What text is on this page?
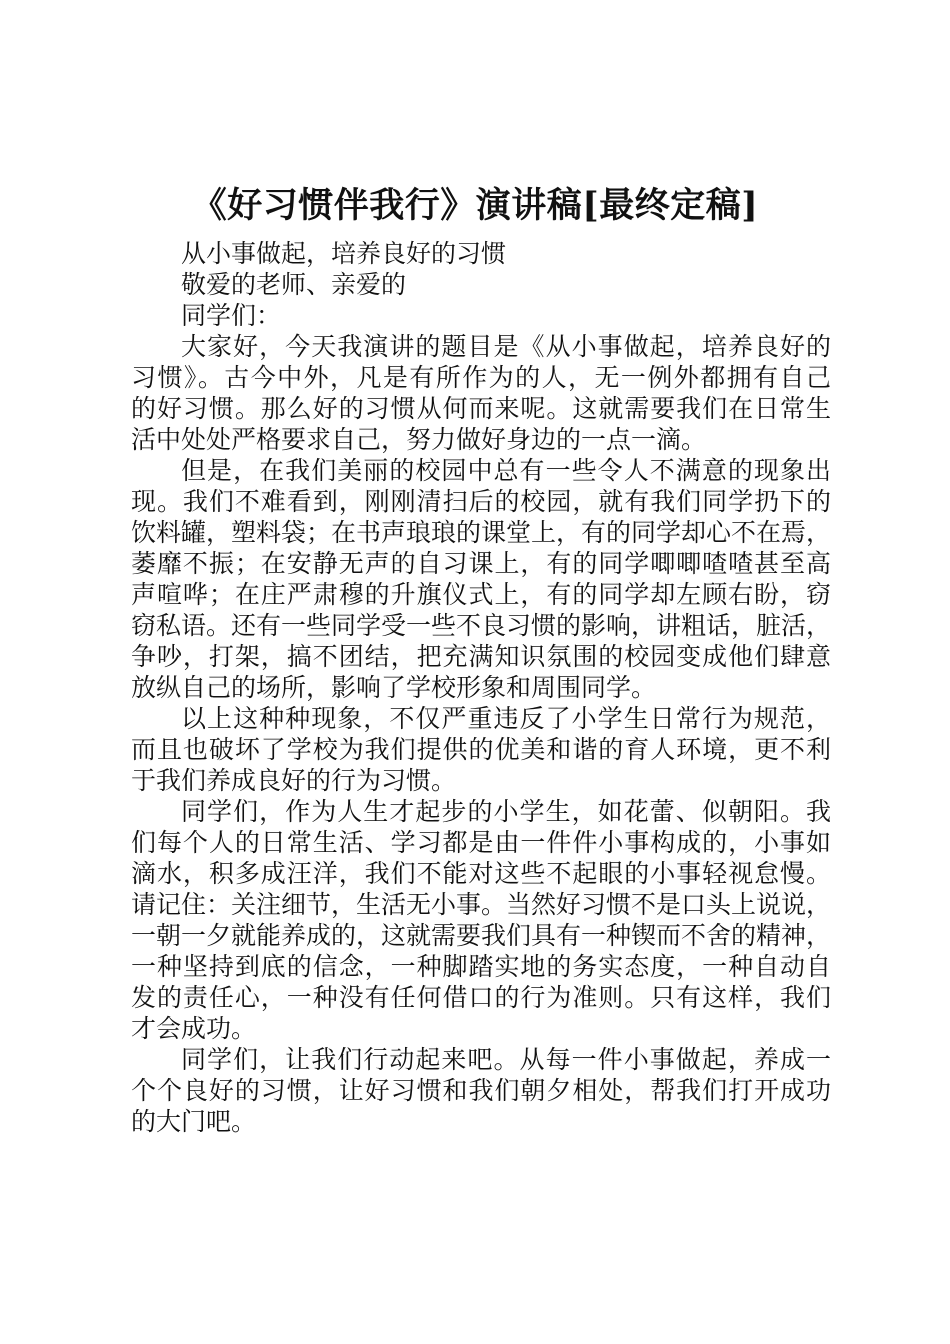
《好习惯伴我行》演讲稿[最终定稿]

从小事做起，培养良好的习惯

敬爱的老师、亲爱的

同学们：

大家好，今天我演讲的题目是《从小事做起，培养良好的

习惯》。古今中外，凡是有所作为的人，无一例外都拥有自己

的好习惯。那么好的习惯从何而来呢。这就需要我们在日常生

活中处处严格要求自己，努力做好身边的一点一滴。

但是，在我们美丽的校园中总有一些令人不满意的现象出

现。我们不难看到，刚刚清扫后的校园，就有我们同学扔下的

饮料罐，塑料袋；在书声琅琅的课堂上，有的同学却心不在焉，

萎靡不振；在安静无声的自习课上，有的同学唧唧喳喳甚至高

声喧哗；在庄严肃穆的升旗仪式上，有的同学却左顾右盼，窃

窃私语。还有一些同学受一些不良习惯的影响，讲粗话，脏活，

争吵，打架，搞不团结，把充满知识氛围的校园变成他们肆意

放纵自己的场所，影响了学校形象和周围同学。

以上这种种现象，不仅严重违反了小学生日常行为规范，

而且也破坏了学校为我们提供的优美和谐的育人环境，更不利

于我们养成良好的行为习惯。

同学们，作为人生才起步的小学生，如花蕾、似朝阳。我

们每个人的日常生活、学习都是由一件件小事构成的，小事如

滴水，积多成汪洋，我们不能对这些不起眼的小事轻视怠慢。

请记住：关注细节，生活无小事。当然好习惯不是口头上说说，

一朝一夕就能养成的，这就需要我们具有一种锲而不舍的精神，

一种坚持到底的信念，一种脚踏实地的务实态度，一种自动自

发的责任心，一种没有任何借口的行为准则。只有这样，我们

才会成功。

同学们，让我们行动起来吧。从每一件小事做起，养成一

个个良好的习惯，让好习惯和我们朝夕相处，帮我们打开成功

的大门吧。
